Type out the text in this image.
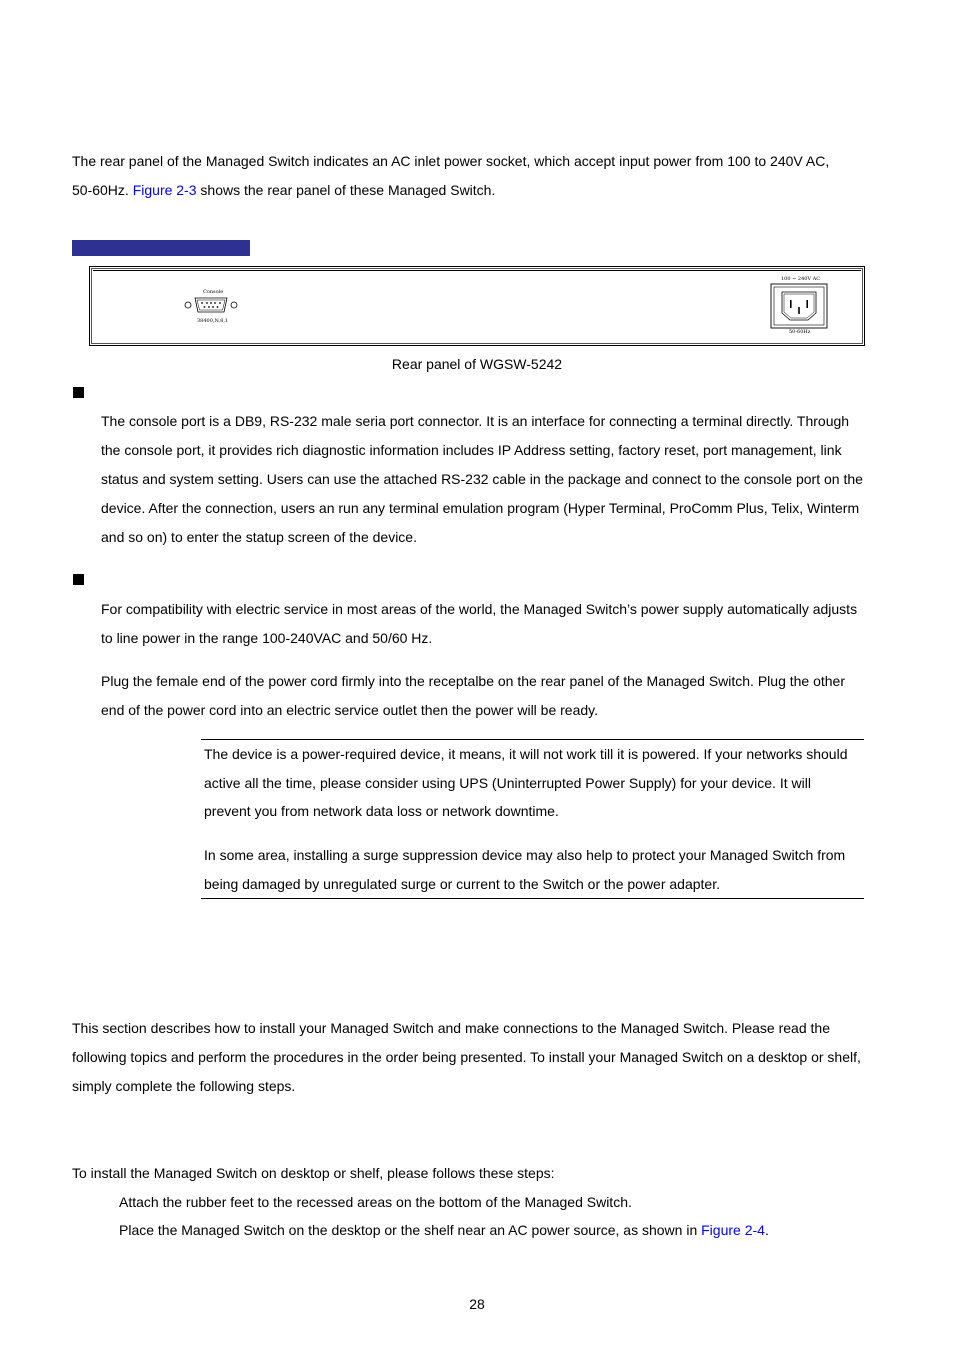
The rear panel of the Managed Switch indicates an AC inlet power socket, which accept input power from 100 to 240V AC,
50-60Hz. Figure 2-3 shows the rear panel of these Managed Switch.
Console
38400,N,8,1
100 ~ 240V AC
50-60Hz
Rear panel of WGSW-5242
The console port is a DB9, RS-232 male seria port connector. It is an interface for connecting a terminal directly. Through
the console port, it provides rich diagnostic information includes IP Address setting, factory reset, port management, link
status and system setting. Users can use the attached RS-232 cable in the package and connect to the console port on the
device. After the connection, users an run any terminal emulation program (Hyper Terminal, ProComm Plus, Telix, Winterm
and so on) to enter the statup screen of the device.
For compatibility with electric service in most areas of the world, the Managed Switch’s power supply automatically adjusts
to line power in the range 100-240VAC and 50/60 Hz.
Plug the female end of the power cord firmly into the receptalbe on the rear panel of the Managed Switch. Plug the other
end of the power cord into an electric service outlet then the power will be ready.
The device is a power-required device, it means, it will not work till it is powered. If your networks should
active all the time, please consider using UPS (Uninterrupted Power Supply) for your device. It will
prevent you from network data loss or network downtime.
In some area, installing a surge suppression device may also help to protect your Managed Switch from
being damaged by unregulated surge or current to the Switch or the power adapter.
This section describes how to install your Managed Switch and make connections to the Managed Switch. Please read the
following topics and perform the procedures in the order being presented. To install your Managed Switch on a desktop or shelf,
simply complete the following steps.
To install the Managed Switch on desktop or shelf, please follows these steps:
Attach the rubber feet to the recessed areas on the bottom of the Managed Switch.
Place the Managed Switch on the desktop or the shelf near an AC power source, as shown in Figure 2-4.
28
